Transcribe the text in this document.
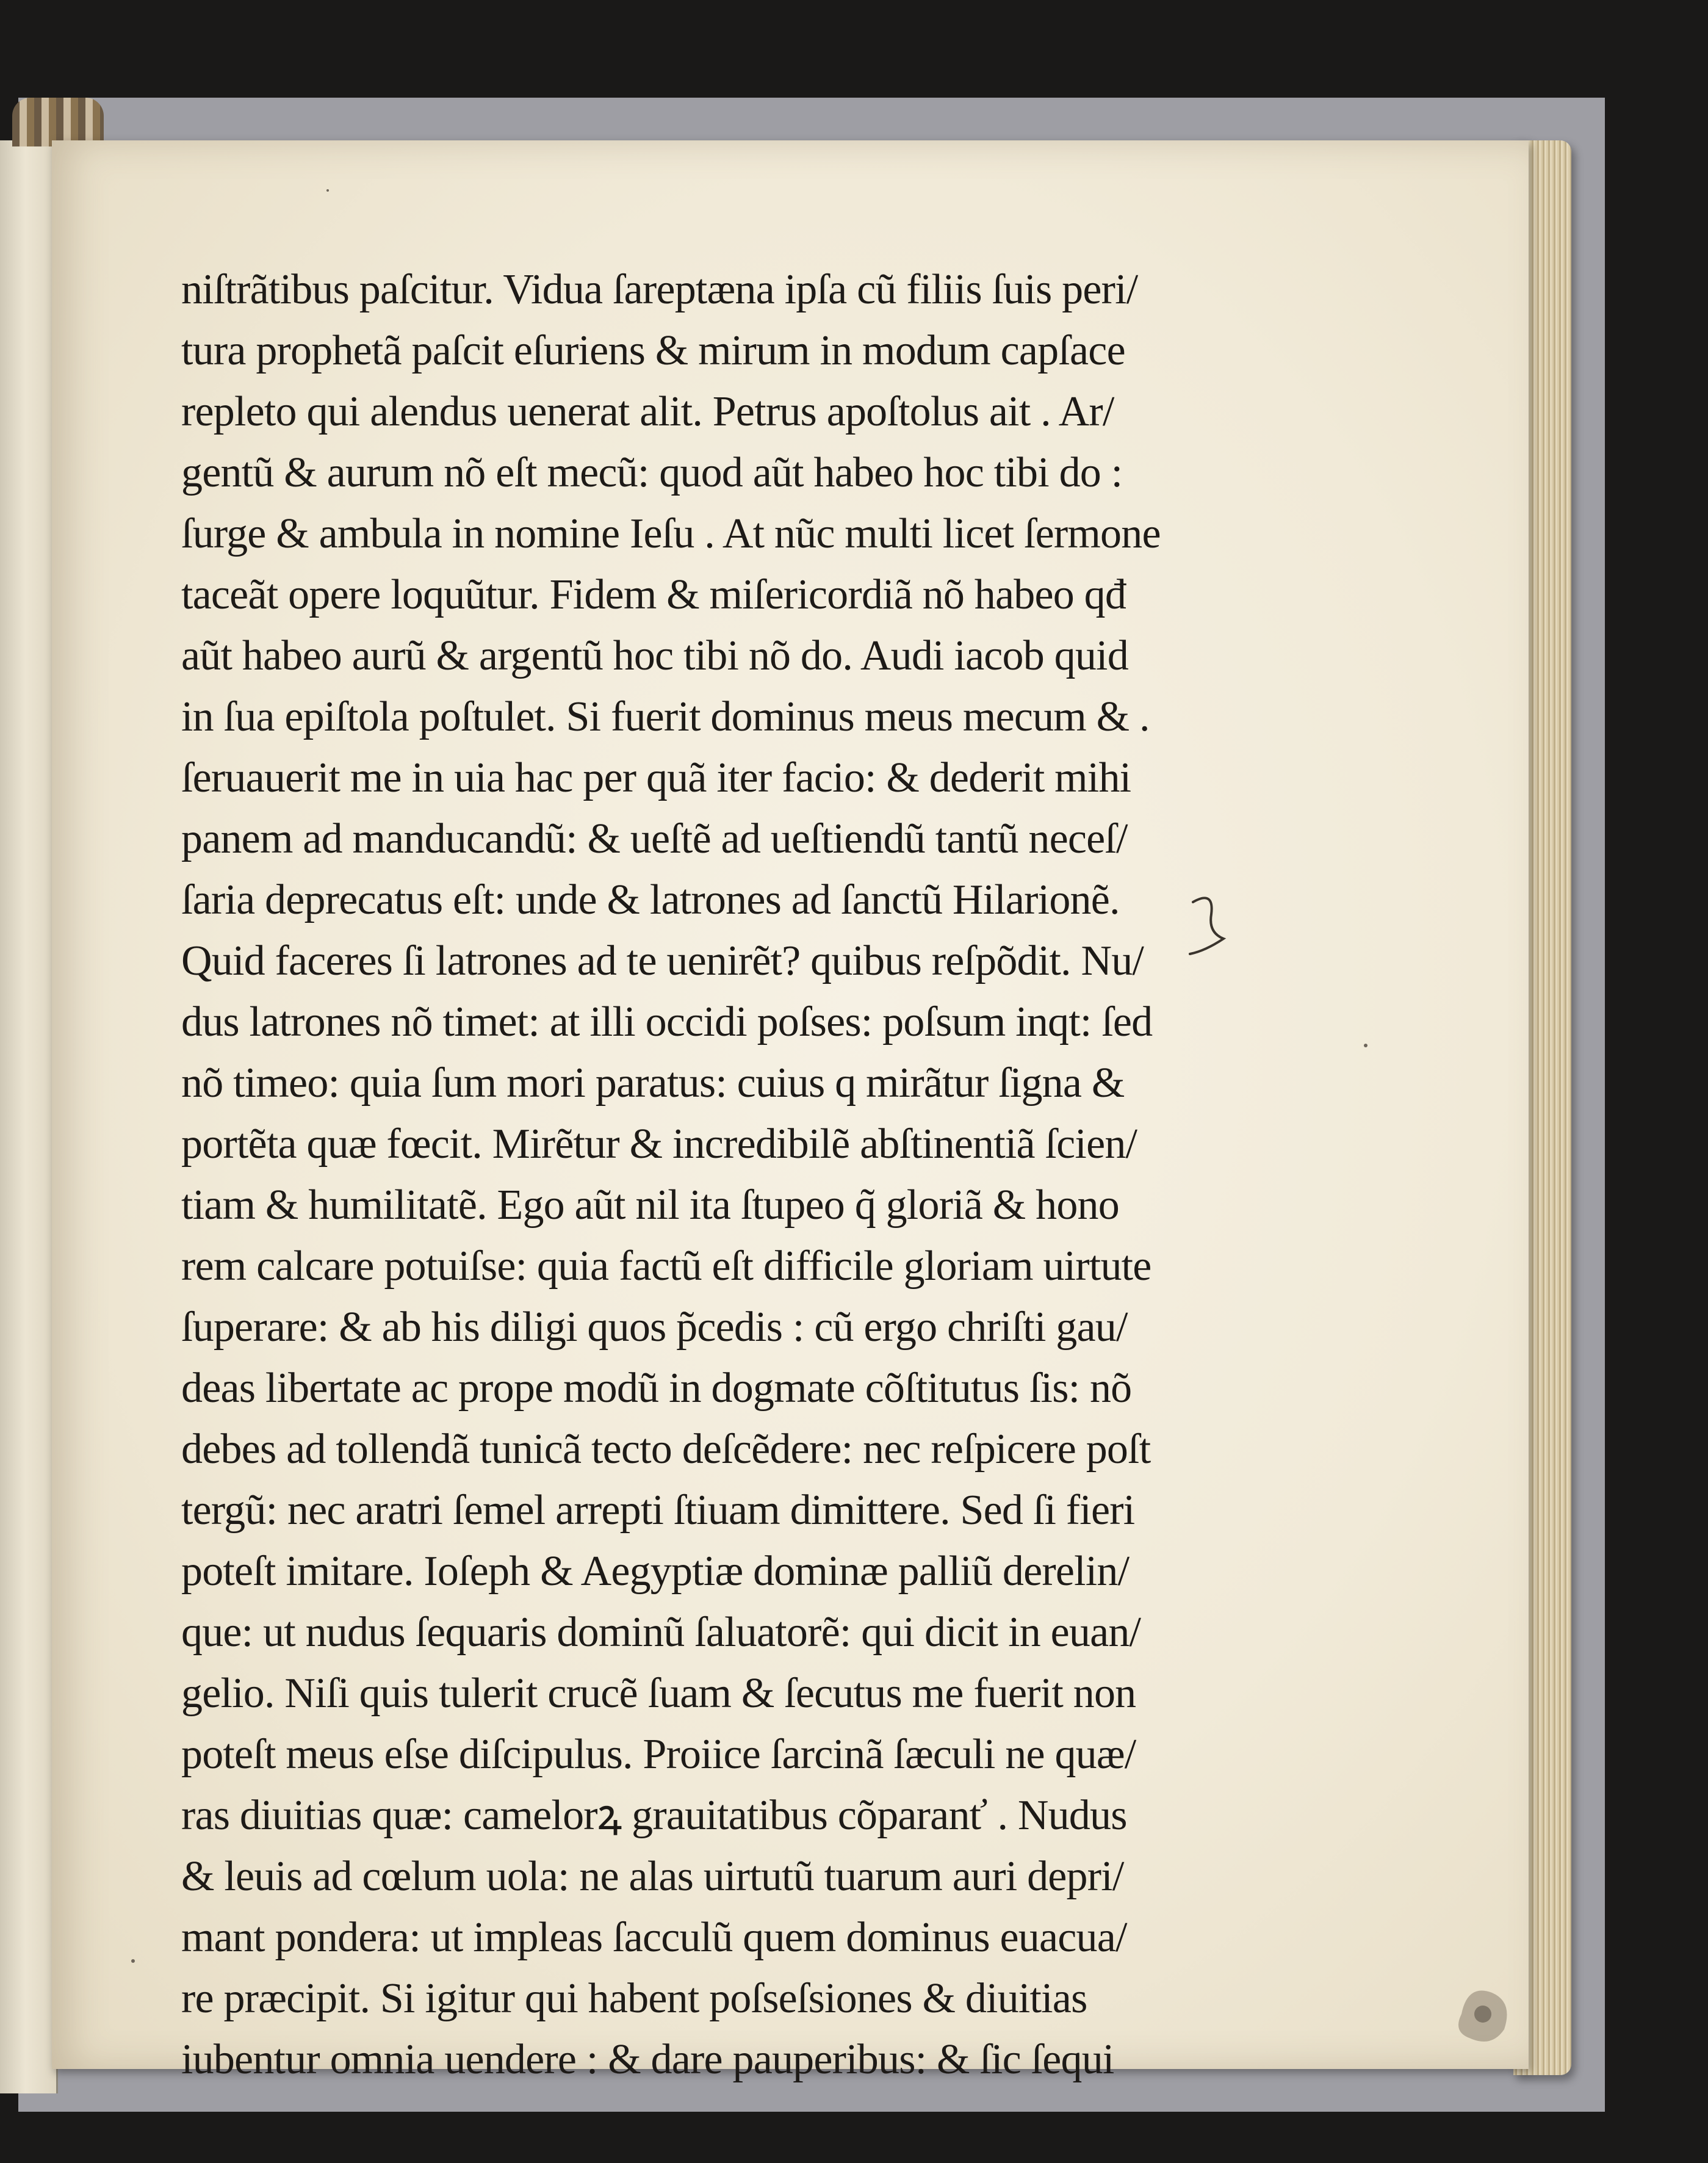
niſtrãtibus paſcitur. Vidua ſareptæna ipſa cũ filiis ſuis peri/
tura prophetã paſcit eſuriens & mirum in modum capſace
repleto qui alendus uenerat alit. Petrus apoſtolus ait . Ar/
gentũ & aurum nõ eſt mecũ: quod aũt habeo hoc tibi do :
ſurge & ambula in nomine Ieſu . At nũc multi licet ſermone
taceãt opere loquũtur. Fidem & miſericordiã nõ habeo qđ
aũt habeo aurũ & argentũ hoc tibi nõ do. Audi iacob quid
in ſua epiſtola poſtulet. Si fuerit dominus meus mecum & .
ſeruauerit me in uia hac per quã iter facio: & dederit mihi
panem ad manducandũ: & ueſtẽ ad ueſtiendũ tantũ neceſ/
ſaria deprecatus eſt: unde & latrones ad ſanctũ Hilarionẽ.
Quid faceres ſi latrones ad te uenirẽt? quibus reſpõdit. Nu/
dus latrones nõ timet: at illi occidi poſses: poſsum inqt: ſed
nõ timeo: quia ſum mori paratus: cuius q mirãtur ſigna &
portẽta quæ fœcit. Mirẽtur & incredibilẽ abſtinentiã ſcien/
tiam & humilitatẽ. Ego aũt nil ita ſtupeo q̃ gloriã & hono
rem calcare potuiſse: quia factũ eſt difficile gloriam uirtute
ſuperare: & ab his diligi quos p̃cedis : cũ ergo chriſti gau/
deas libertate ac prope modũ in dogmate cõſtitutus ſis: nõ
debes ad tollendã tunicã tecto deſcẽdere: nec reſpicere poſt
tergũ: nec aratri ſemel arrepti ſtiuam dimittere. Sed ſi fieri
poteſt imitare. Ioſeph & Aegyptiæ dominæ palliũ derelin/
que: ut nudus ſequaris dominũ ſaluatorẽ: qui dicit in euan/
gelio. Niſi quis tulerit crucẽ ſuam & ſecutus me fuerit non
poteſt meus eſse diſcipulus. Proiice ſarcinã ſæculi ne quæ/
ras diuitias quæ: camelorꝝ grauitatibus cõparanť . Nudus
& leuis ad cœlum uola: ne alas uirtutũ tuarum auri depri/
mant pondera: ut impleas ſacculũ quem dominus euacua/
re præcipit. Si igitur qui habent poſseſsiones & diuitias
iubentur omnia uendere : & dare pauperibus: & ſic ſequi
